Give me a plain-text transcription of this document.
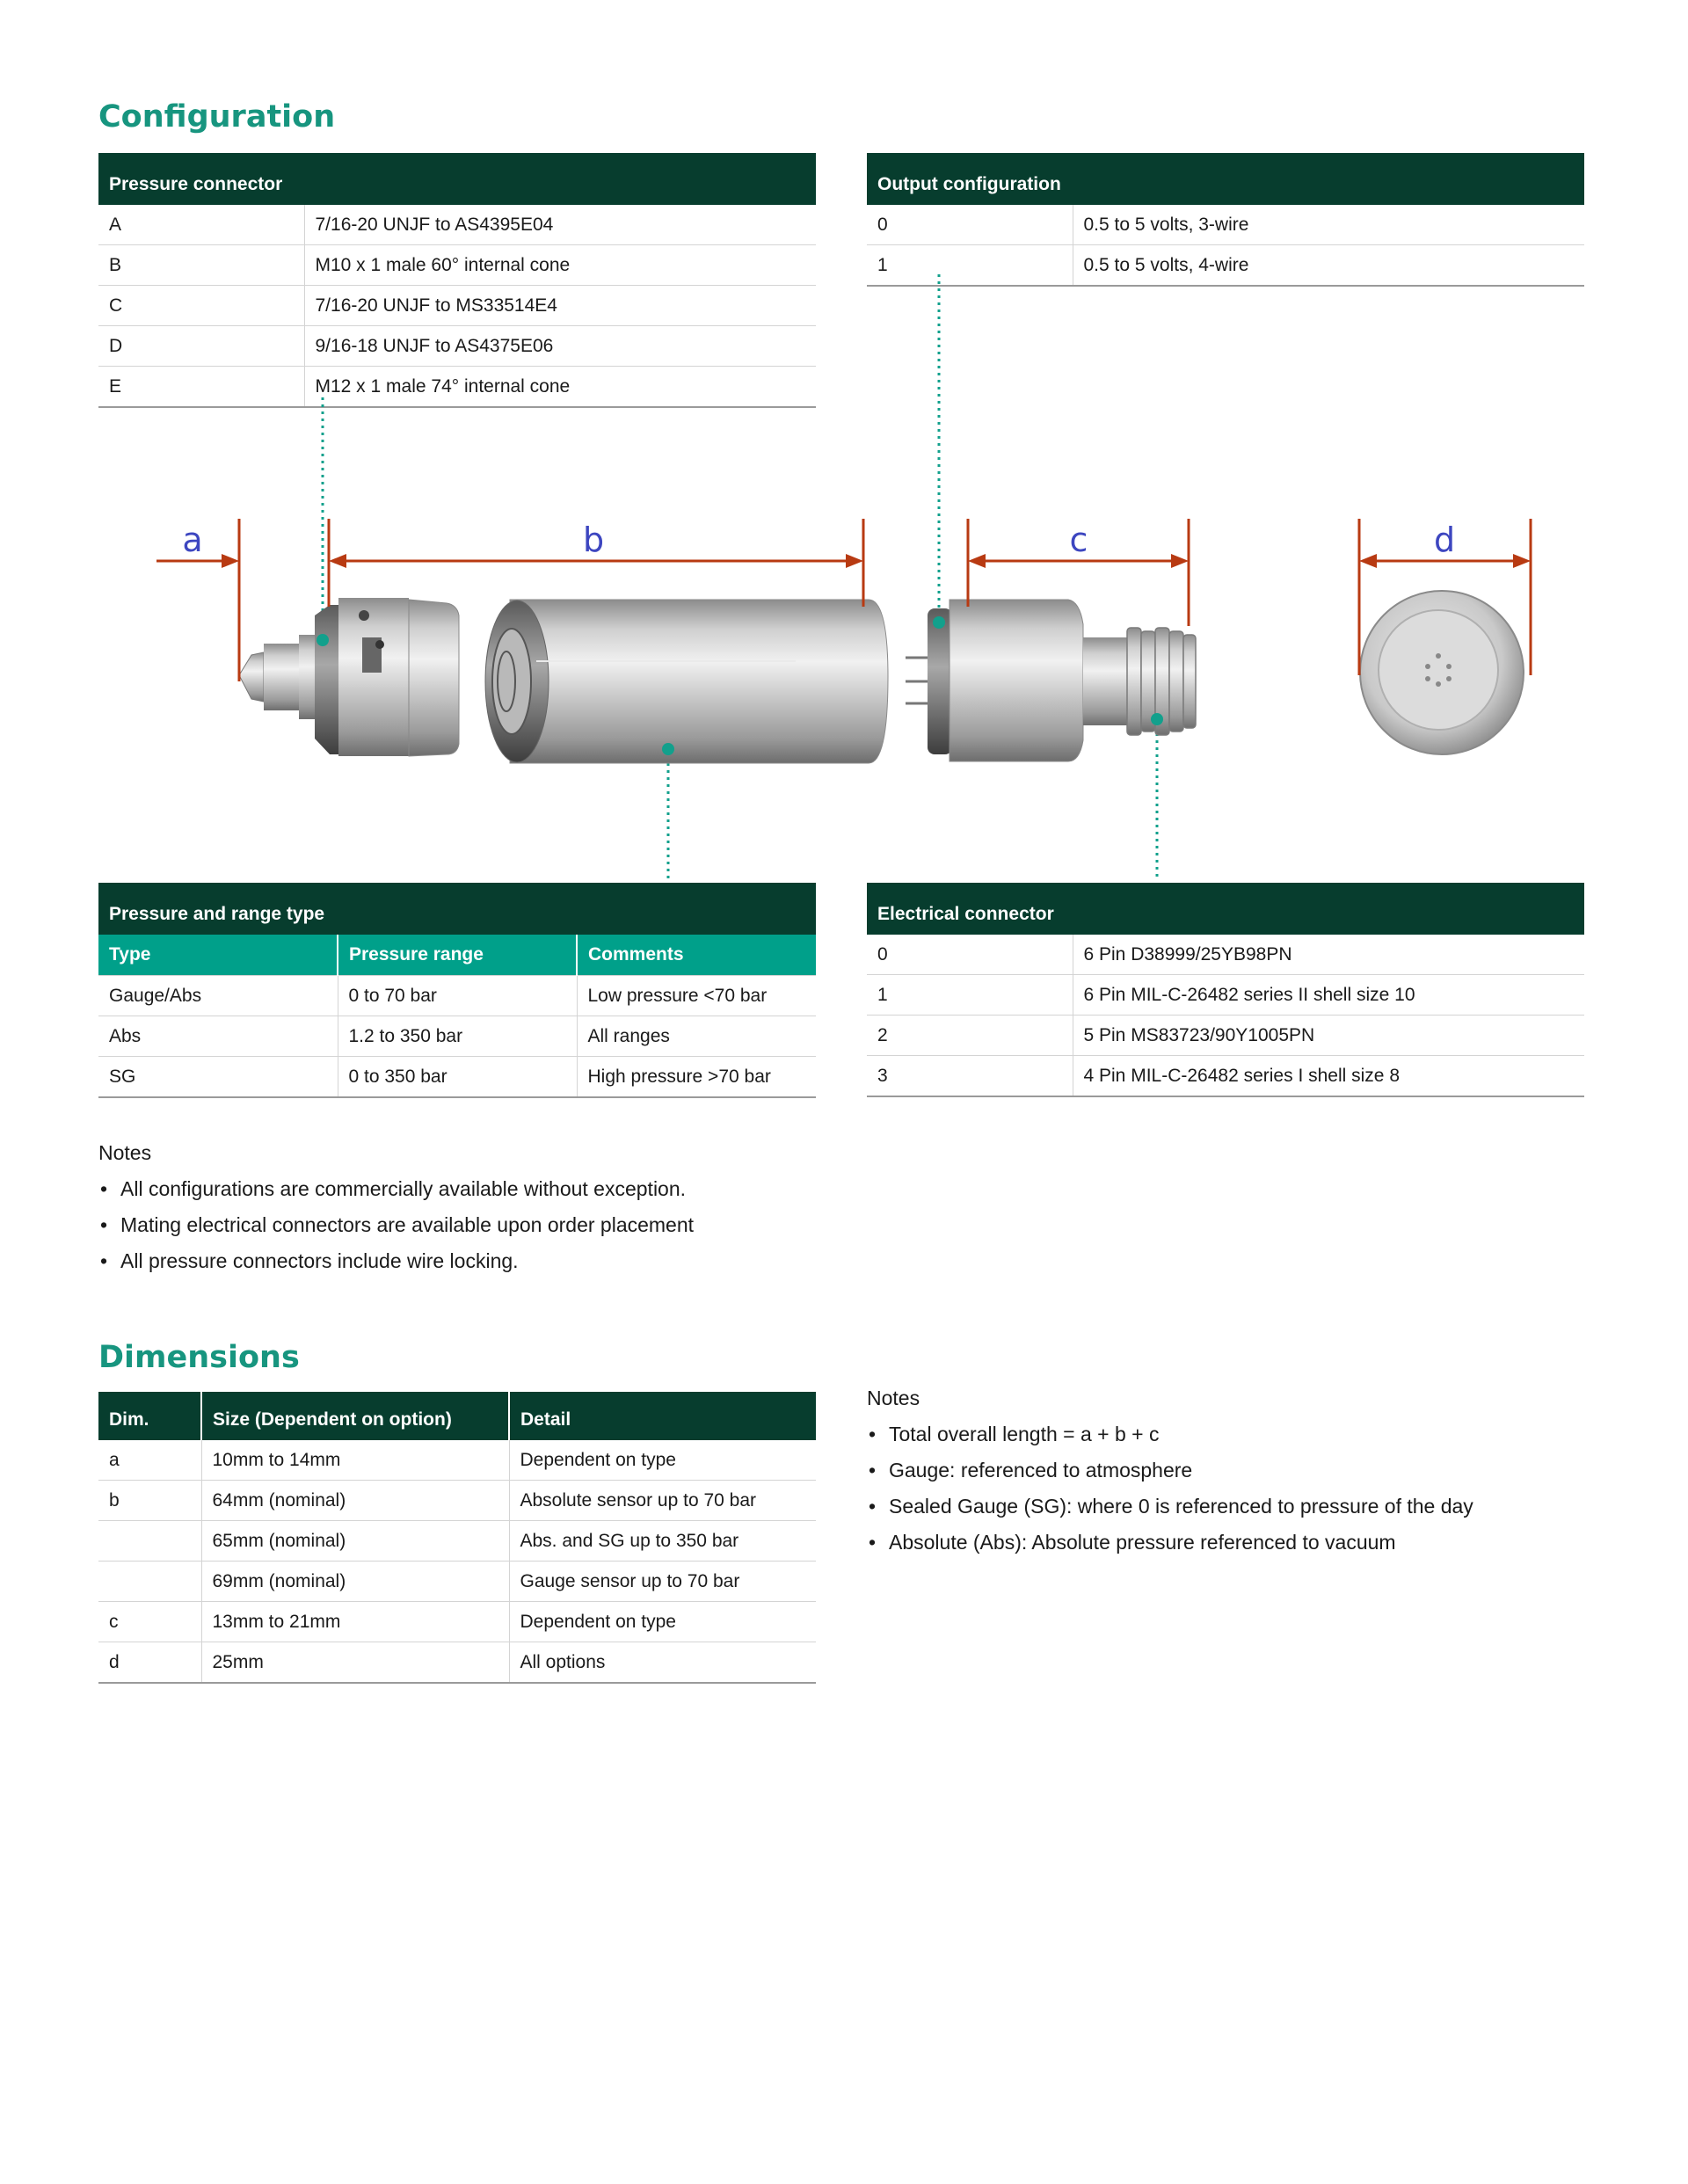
Configuration
Pressure connector	
A	7/16-20 UNJF to AS4395E04
B	M10 x 1 male 60° internal cone
C	7/16-20 UNJF to MS33514E4
D	9/16-18 UNJF to AS4375E06
E	M12 x 1 male 74° internal cone
Output configuration	
0	0.5 to 5 volts, 3-wire
1	0.5 to 5 volts, 4-wire
a	b	c	d
Pressure and range type		
Type	Pressure range	Comments
Gauge/Abs	0 to 70 bar	Low pressure <70 bar
Abs	1.2 to 350 bar	All ranges
SG	0 to 350 bar	High pressure >70 bar
Electrical connector	
0	6 Pin D38999/25YB98PN
1	6 Pin MIL-C-26482 series II shell size 10
2	5 Pin MS83723/90Y1005PN
3	4 Pin MIL-C-26482 series I shell size 8

Notes

• All configurations are commercially available without exception.
• Mating electrical connectors are available upon order placement
• All pressure connectors include wire locking.
Dimensions
Dim.	Size (Dependent on option)	Detail
a	10mm to 14mm	Dependent on type
b	64mm (nominal)	Absolute sensor up to 70 bar
	65mm (nominal)	Abs. and SG up to 350 bar
	69mm (nominal)	Gauge sensor up to 70 bar
c	13mm to 21mm	Dependent on type
d	25mm	All options

Notes

• Total overall length = a + b + c
• Gauge: referenced to atmosphere
• Sealed Gauge (SG): where 0 is referenced to pressure of the day
• Absolute (Abs): Absolute pressure referenced to vacuum
